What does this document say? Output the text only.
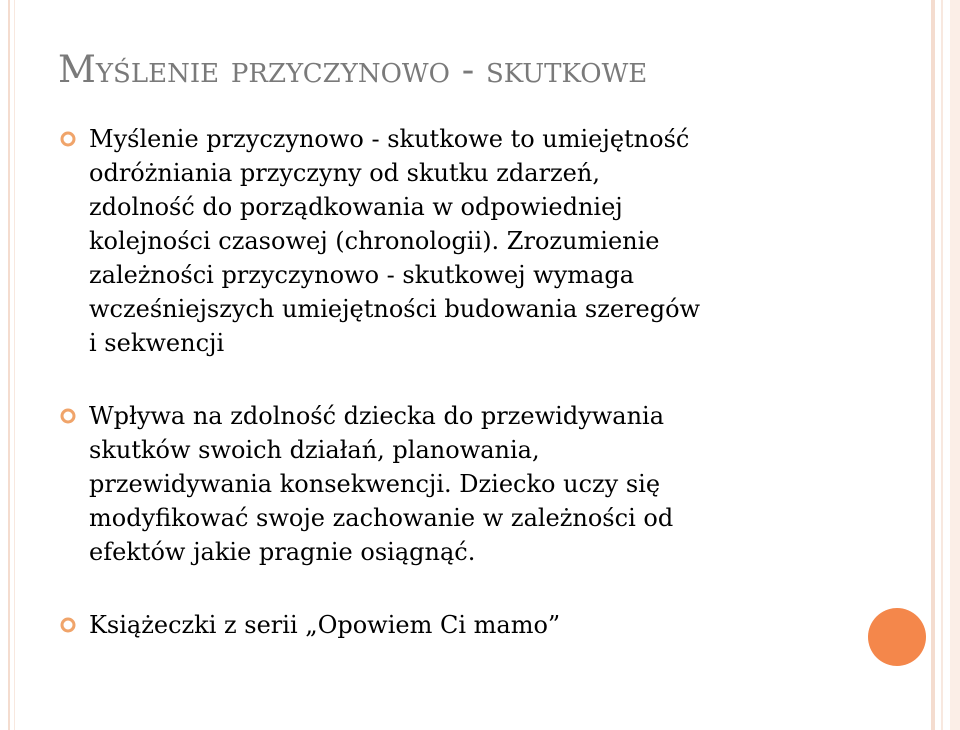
Myślenie przyczynowo - skutkowe
Myślenie przyczynowo - skutkowe to umiejętność
odróżniania przyczyny od skutku zdarzeń,
zdolność do porządkowania w odpowiedniej
kolejności czasowej (chronologii). Zrozumienie
zależności przyczynowo - skutkowej wymaga
wcześniejszych umiejętności budowania szeregów
i sekwencji
Wpływa na zdolność dziecka do przewidywania
skutków swoich działań, planowania,
przewidywania konsekwencji. Dziecko uczy się
modyfikować swoje zachowanie w zależności od
efektów jakie pragnie osiągnąć.
Książeczki z serii „Opowiem Ci mamo”
